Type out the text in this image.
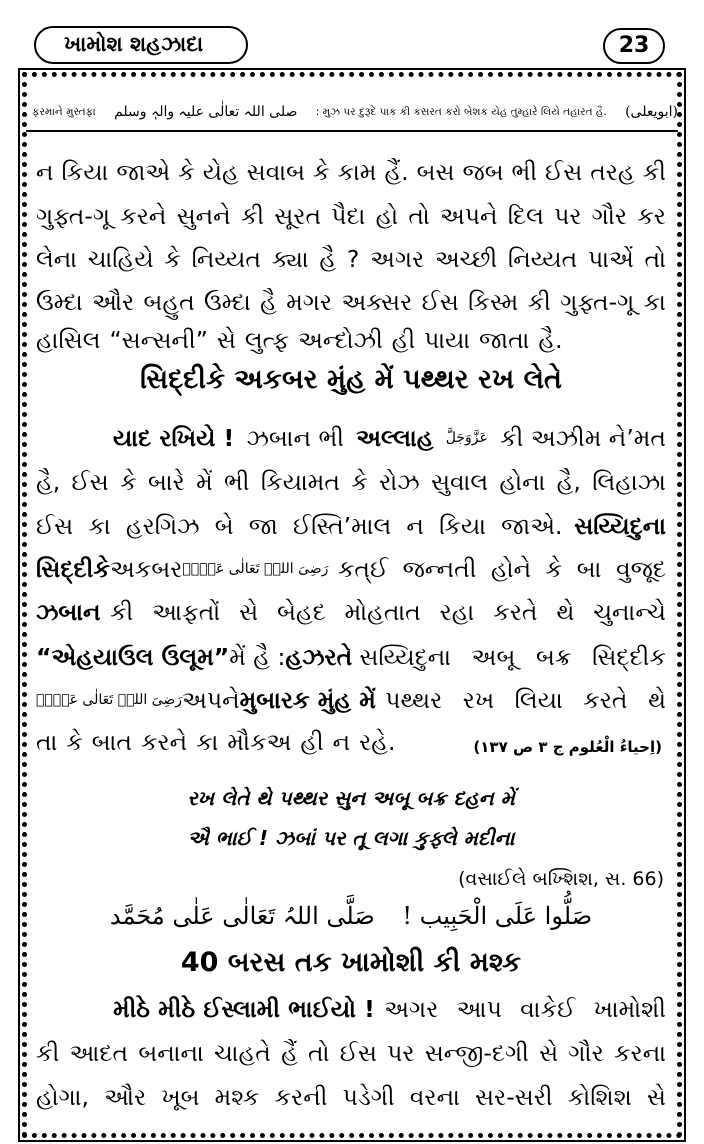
ખામોશ શહઝાદા	23
ફરમાને મુસ્તફા صلی اللہ تعالٰی علیہ والہٖ وسلم : મુઝ પર દુરૂદે પાક કી કસરત કરો બેશક યેહ તુમ્હારે લિયે તહારત હૈ. (ابویعلی)
ન કિયા જાએ કે યેહ સવાબ કે કામ હૈં. બસ જબ ભી ઈસ તરહ કી
ગુફ્ત-ગૂ કરને સુનને કી સૂરત પૈદા હો તો અપને દિલ પર ગૌર કર
લેના ચાહિયે કે નિય્યત ક્યા હૈ ? અગર અચ્છી નિય્યત પાએં તો
ઉમ્દા ઔર બહુત ઉમ્દા હૈ મગર અક્સર ઈસ કિસ્મ કી ગુફ્ત-ગૂ કા
હાસિલ “સન્સની” સે લુત્ફ અન્દોઝી હી પાયા જાતા હૈ.
સિદ્દીકે અકબર મુંહ મેં પથ્થર રખ લેતે
યાદ રખિયે ! ઝબાન ભી અલ્લાહ عَزَّوَجَلَّ કી અઝીમ ને’મત
હૈ, ઈસ કે બારે મેં ભી કિયામત કે રોઝ સુવાલ હોના હૈ, લિહાઝા
ઈસ કા હરગિઝ બે જા ઈસ્તિ’માલ ન કિયા જાએ. સય્યિદુના
સિદ્દીકે અકબર رَضِیَ اللہُ تَعَالٰی عَنۡہُ કત્ઈ જન્નતી હોને કે બા વુજૂદ
ઝબાન કી આફતોં સે બેહદ મોહતાત રહા કરતે થે ચુનાન્ચે
“એહયાઉલ ઉલૂમ” મેં હૈ : હઝરતે સય્યિદુના અબૂ બક્ર સિદ્દીક
رَضِیَ اللہُ تَعَالٰی عَنۡہُ અપને મુબારક મુંહ મેં પથ્થર રખ લિયા કરતે થે
તા કે બાત કરને કા મૌકઅ હી ન રહે.	(اِحیاءُ الْعُلوم ج ۳ ص ۱۳۷)
રખ લેતે થે પથ્થર સુન અબૂ બક્ર દહન મેં
ઐ ભાઈ ! ઝબાં પર તૂ લગા કુફ્લે મદીના
(વસાઈલે બખ્શિશ, સ. 66)
صَلُّوا عَلَی الْحَبِیب ! صَلَّی اللہُ تَعَالٰی عَلٰی مُحَمَّد
40 બરસ તક ખામોશી કી મશ્ક
મીઠે મીઠે ઈસ્લામી ભાઈયો ! અગર આપ વાકેઈ ખામોશી
કી આદત બનાના ચાહતે હૈં તો ઈસ પર સન્જી-દગી સે ગૌર કરના
હોગા, ઔર ખૂબ મશ્ક કરની પડેગી વરના સર-સરી કોશિશ સે
